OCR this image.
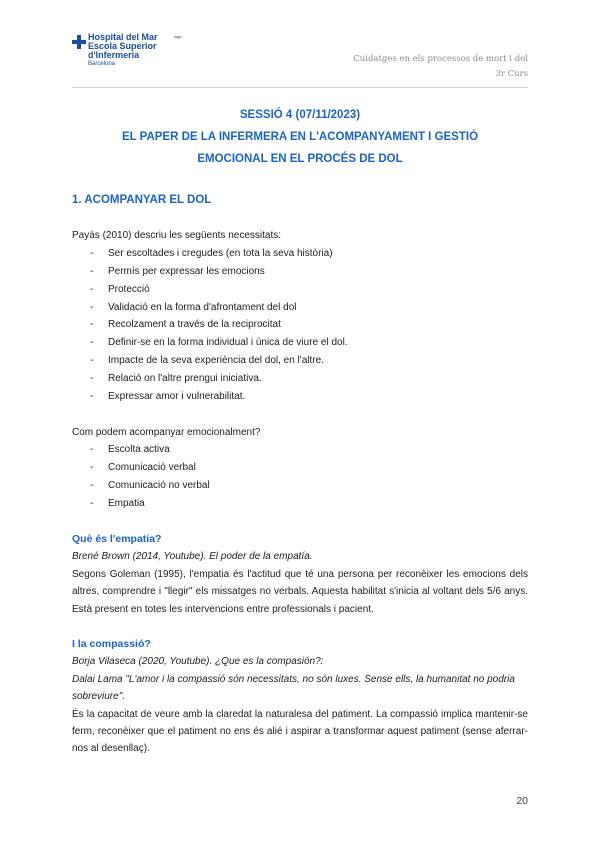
Hospital del Mar
Escola Superior
d'Infermeria
Barcelona
logo
Cuidatges en els processos de mort i dol
3r Curs
SESSIÓ 4 (07/11/2023)
EL PAPER DE LA INFERMERA EN L'ACOMPANYAMENT I GESTIÓ
EMOCIONAL EN EL PROCÉS DE DOL
1. ACOMPANYAR EL DOL

Payás (2010) descriu les següents necessitats:

- Ser escoltades i cregudes (en tota la seva història)
- Permís per expressar les emocions
- Protecció
- Validació en la forma d'afrontament del dol
- Recolzament a través de la reciprocitat
- Definir-se en la forma individual i única de viure el dol.
- Impacte de la seva experiència del dol, en l'altre.
- Relació on l'altre prengui iniciativa.
- Expressar amor i vulnerabilitat.

Com podem acompanyar emocionalment?

- Escolta activa
- Comunicació verbal
- Comunicació no verbal
- Empatia
Què és l'empatia?

Brené Brown (2014, Youtube). El poder de la empatía.

Segons Goleman (1995), l'empatia és l'actitud que té una persona per reconèixer les emocions dels altres, comprendre i "llegir" els missatges no verbals. Aquesta habilitat s'inicia al voltant dels 5/6 anys. Està present en totes les intervencions entre professionals i pacient.

I la compassió?

Borja Vilaseca (2020, Youtube). ¿Que es la compasión?:

Dalai Lama "L'amor i la compassió són necessitats, no són luxes. Sense ells, la humanitat no podria sobreviure".

És la capacitat de veure amb la claredat la naturalesa del patiment. La compassió implica mantenir-se ferm, reconèixer que el patiment no ens és alié i aspirar a transformar aquest patiment (sense aferrar-nos al desenllaç).

20
